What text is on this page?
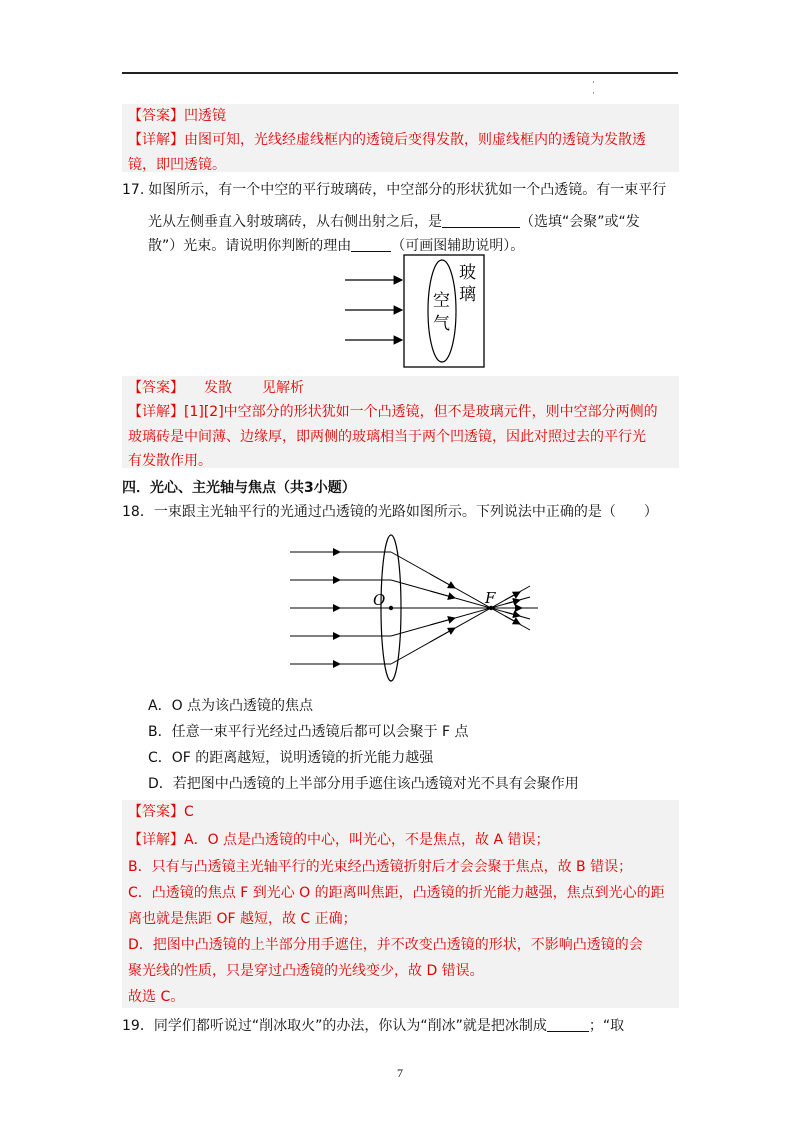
·
·
【答案】凹透镜
【详解】由图可知，光线经虚线框内的透镜后变得发散，则虚线框内的透镜为发散透
镜，即凹透镜。
17. 如图所示，有一个中空的平行玻璃砖，中空部分的形状犹如一个凸透镜。有一束平行
光从左侧垂直入射玻璃砖，从右侧出射之后，是	（选填“会聚”或“发
散”）光束。请说明你判断的理由	（可画图辅助说明）。
玻
璃
空
气
【答案】 发散 见解析
【详解】[1][2]中空部分的形状犹如一个凸透镜，但不是玻璃元件，则中空部分两侧的
玻璃砖是中间薄、边缘厚，即两侧的玻璃相当于两个凹透镜，因此对照过去的平行光
有发散作用。
四．光心、主光轴与焦点（共3小题）
18．一束跟主光轴平行的光通过凸透镜的光路如图所示。下列说法中正确的是（　　）
O	F
A．O 点为该凸透镜的焦点
B．任意一束平行光经过凸透镜后都可以会聚于 F 点
C．OF 的距离越短，说明透镜的折光能力越强
D．若把图中凸透镜的上半部分用手遮住该凸透镜对光不具有会聚作用
【答案】C
【详解】A．O 点是凸透镜的中心，叫光心，不是焦点，故 A 错误；
B．只有与凸透镜主光轴平行的光束经凸透镜折射后才会会聚于焦点，故 B 错误；
C．凸透镜的焦点 F 到光心 O 的距离叫焦距，凸透镜的折光能力越强，焦点到光心的距
离也就是焦距 OF 越短，故 C 正确；
D．把图中凸透镜的上半部分用手遮住，并不改变凸透镜的形状，不影响凸透镜的会
聚光线的性质，只是穿过凸透镜的光线变少，故 D 错误。
故选 C。
19．同学们都听说过“削冰取火”的办法，你认为“削冰”就是把冰制成	；“取
7
